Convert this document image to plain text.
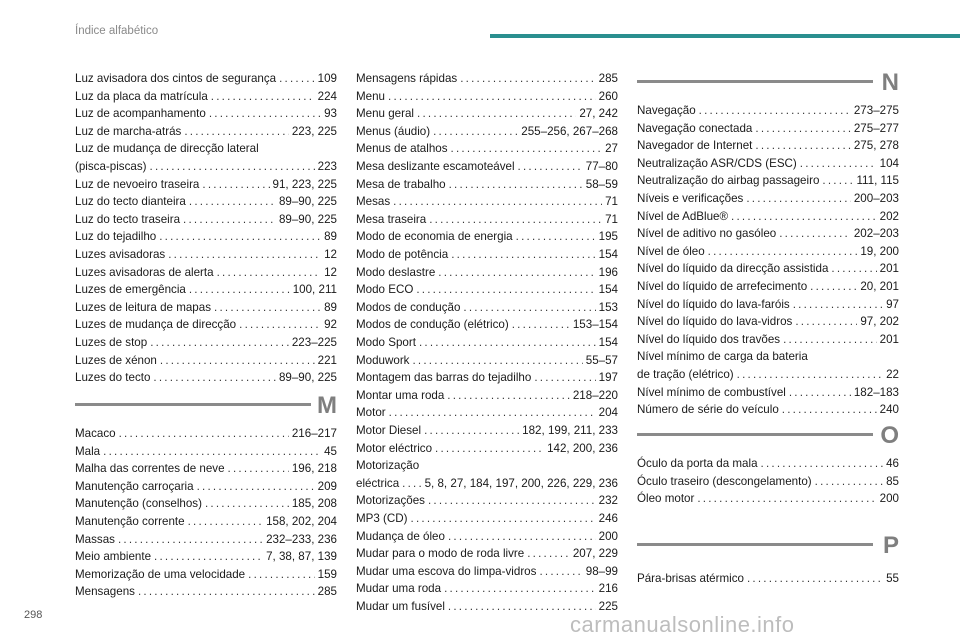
Índice alfabético
Luz avisadora dos cintos de segurança . . .	109
Luz da placa da matrícula . . .	224
Luz de acompanhamento . . .	93
Luz de marcha-atrás . . .	223, 225
Luz de mudança de direcção lateral
(pisca-piscas) . . .	223
Luz de nevoeiro traseira . . .	91, 223, 225
Luz do tecto dianteira . . .	89–90, 225
Luz do tecto traseira . . .	89–90, 225
Luz do tejadilho . . .	89
Luzes avisadoras . . .	12
Luzes avisadoras de alerta . . .	12
Luzes de emergência . . .	100, 211
Luzes de leitura de mapas . . .	89
Luzes de mudança de direcção . . .	92
Luzes de stop . . .	223–225
Luzes de xénon . . .	221
Luzes do tecto . . .	89–90, 225
M
Macaco . . .	216–217
Mala . . .	45
Malha das correntes de neve . . .	196, 218
Manutenção carroçaria . . .	209
Manutenção (conselhos) . . .	185, 208
Manutenção corrente . . .	158, 202, 204
Massas . . .	232–233, 236
Meio ambiente . . .	7, 38, 87, 139
Memorização de uma velocidade . . .	159
Mensagens . . .	285
Mensagens rápidas . . .	285
Menu . . .	260
Menu geral . . .	27, 242
Menus (áudio) . . .	255–256, 267–268
Menus de atalhos . . .	27
Mesa deslizante escamoteável . . .	77–80
Mesa de trabalho . . .	58–59
Mesas . . .	71
Mesa traseira . . .	71
Modo de economia de energia . . .	195
Modo de potência . . .	154
Modo deslastre . . .	196
Modo ECO . . .	154
Modos de condução . . .	153
Modos de condução (elétrico) . . .	153–154
Modo Sport . . .	154
Moduwork . . .	55–57
Montagem das barras do tejadilho . . .	197
Montar uma roda . . .	218–220
Motor . . .	204
Motor Diesel . . .	182, 199, 211, 233
Motor eléctrico . . .	142, 200, 236
Motorização
eléctrica . . . 5, 8, 27, 184, 197, 200, 226, 229, 236
Motorizações . . .	232
MP3 (CD) . . .	246
Mudança de óleo . . .	200
Mudar para o modo de roda livre . . .	207, 229
Mudar uma escova do limpa-vidros . . .	98–99
Mudar uma roda . . .	216
Mudar um fusível . . .	225
N
Navegação . . .	273–275
Navegação conectada . . .	275–277
Navegador de Internet . . .	275, 278
Neutralização ASR/CDS (ESC) . . .	104
Neutralização do airbag passageiro . . .	111, 115
Níveis e verificações . . .	200–203
Nível de AdBlue® . . .	202
Nível de aditivo no gasóleo . . .	202–203
Nível de óleo . . .	19, 200
Nível do líquido da direcção assistida . . .	201
Nível do líquido de arrefecimento . . .	20, 201
Nível do líquido do lava-faróis . . .	97
Nível do líquido do lava-vidros . . .	97, 202
Nível do líquido dos travões . . .	201
Nível mínimo de carga da bateria
de tração (elétrico) . . .	22
Nível mínimo de combustível . . .	182–183
Número de série do veículo . . .	240
O
Óculo da porta da mala . . .	46
Óculo traseiro (descongelamento) . . .	85
Óleo motor . . .	200
P
Pára-brisas atérmico . . .	55
298	carmanualsonline.info
